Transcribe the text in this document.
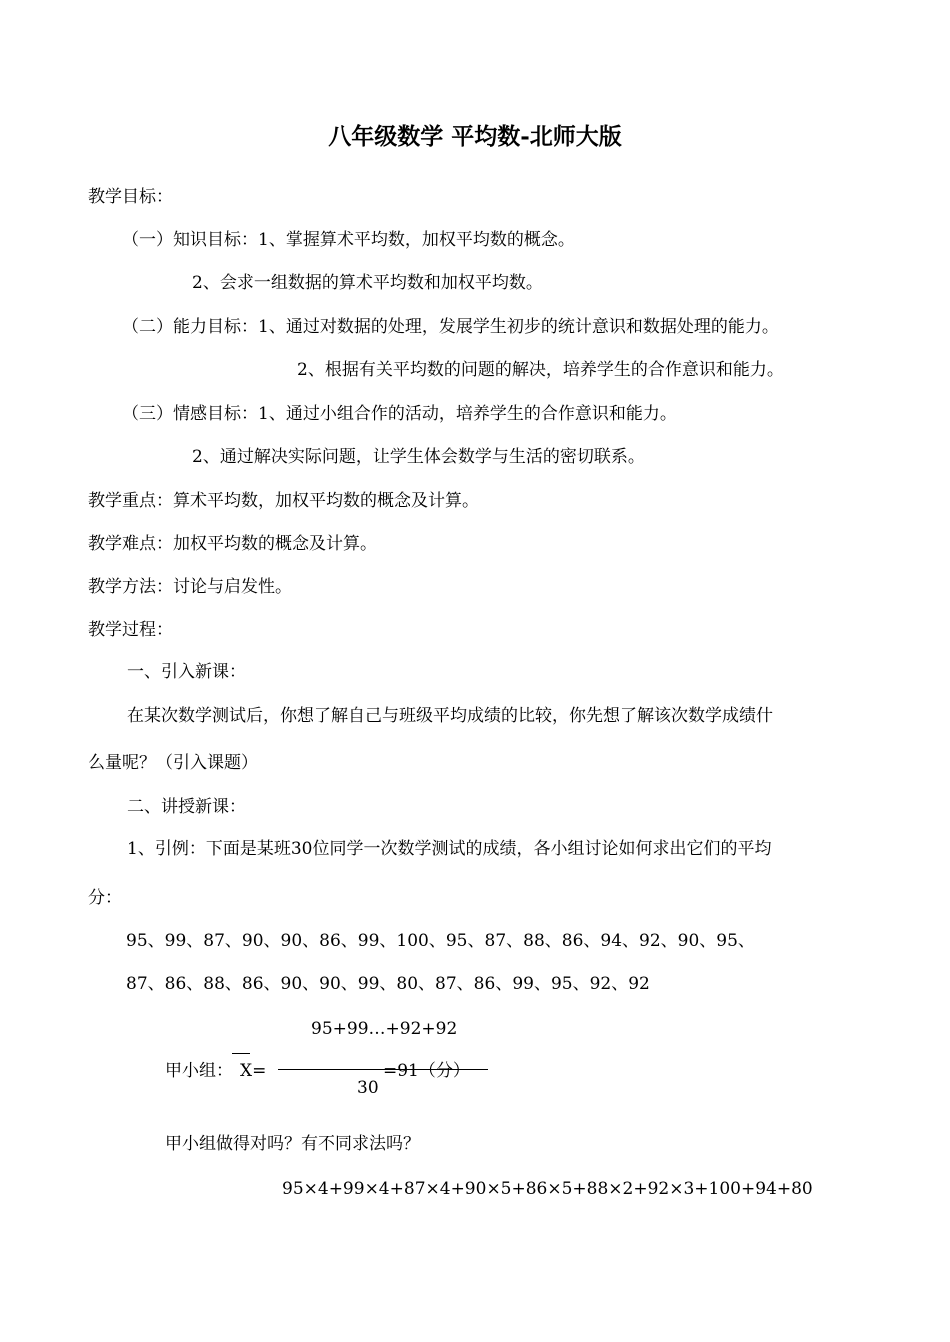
八年级数学 平均数-北师大版
教学目标：
（一）知识目标：1、掌握算术平均数，加权平均数的概念。
2、会求一组数据的算术平均数和加权平均数。
（二）能力目标：1、通过对数据的处理，发展学生初步的统计意识和数据处理的能力。
2、根据有关平均数的问题的解决，培养学生的合作意识和能力。
（三）情感目标：1、通过小组合作的活动，培养学生的合作意识和能力。
2、通过解决实际问题，让学生体会数学与生活的密切联系。
教学重点：算术平均数，加权平均数的概念及计算。
教学难点：加权平均数的概念及计算。
教学方法：讨论与启发性。
教学过程：
一、引入新课：
在某次数学测试后，你想了解自己与班级平均成绩的比较，你先想了解该次数学成绩什
么量呢？（引入课题）
二、讲授新课：
1、引例：下面是某班30位同学一次数学测试的成绩，各小组讨论如何求出它们的平均
分：
95、99、87、90、90、86、99、100、95、87、88、86、94、92、90、95、
87、86、88、86、90、90、99、80、87、86、99、95、92、92
95+99…+92+92
甲小组： X=	=91（分）
30
甲小组做得对吗？有不同求法吗？
95×4+99×4+87×4+90×5+86×5+88×2+92×3+100+94+80
